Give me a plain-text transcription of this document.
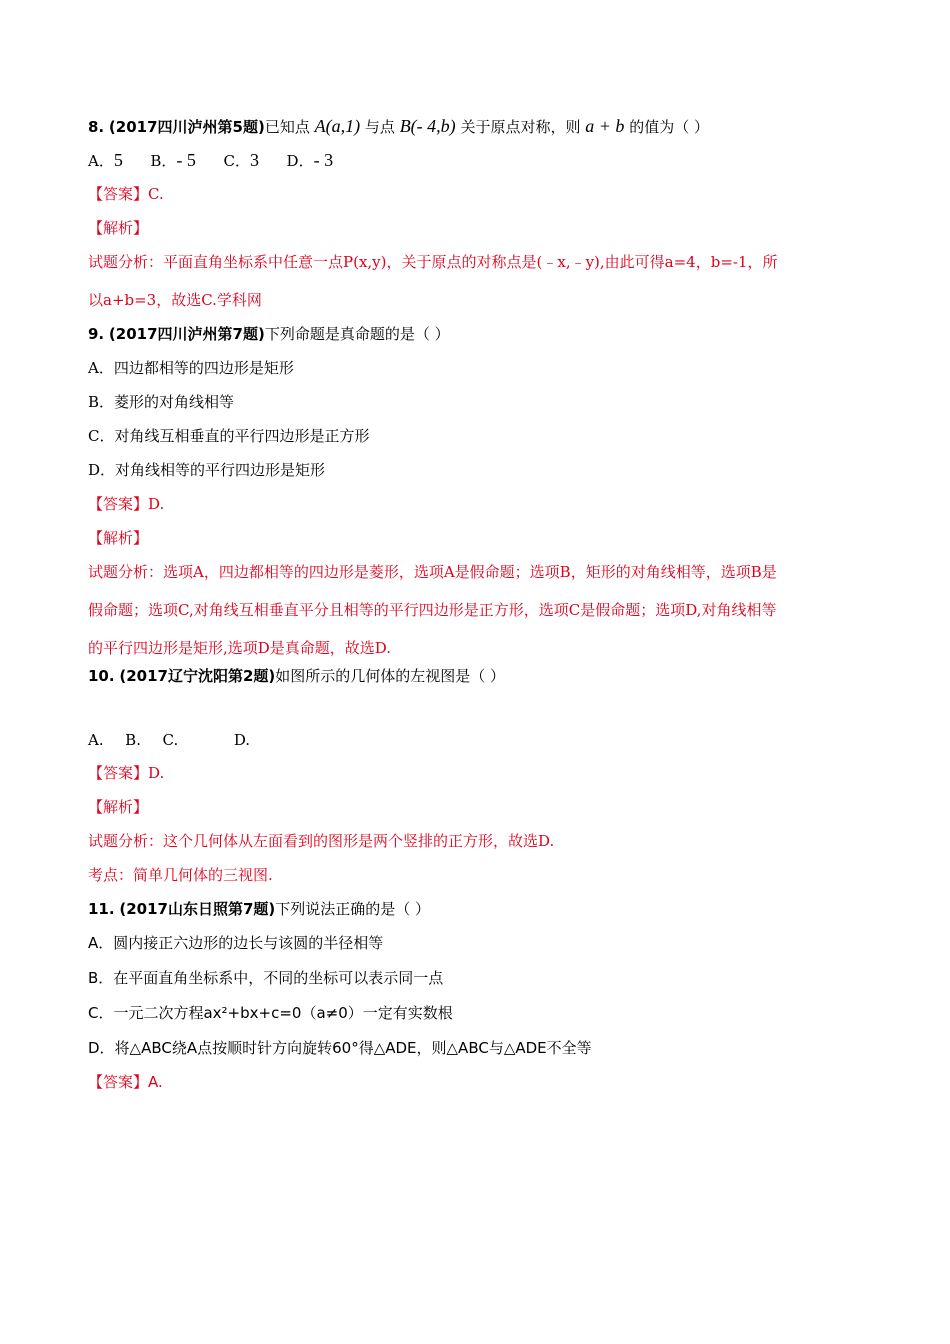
8. (2017四川泸州第5题)已知点 A(a,1) 与点 B(- 4,b) 关于原点对称，则 a + b 的值为（ ）
A．5 B．- 5 C．3 D．- 3
【答案】C.
【解析】
试题分析：平面直角坐标系中任意一点P(x,y)，关于原点的对称点是(﹣x,﹣y),由此可得a=4，b=-1，所
以a+b=3，故选C.学科网
9. (2017四川泸州第7题)下列命题是真命题的是（ ）
A．四边都相等的四边形是矩形
B．菱形的对角线相等
C．对角线互相垂直的平行四边形是正方形
D．对角线相等的平行四边形是矩形
【答案】D.
【解析】
试题分析：选项A，四边都相等的四边形是菱形，选项A是假命题；选项B，矩形的对角线相等，选项B是
假命题；选项C,对角线互相垂直平分且相等的平行四边形是正方形，选项C是假命题；选项D,对角线相等
的平行四边形是矩形,选项D是真命题，故选D.
10. (2017辽宁沈阳第2题)如图所示的几何体的左视图是（ ）
A. B. C.	D.
【答案】D.
【解析】
试题分析：这个几何体从左面看到的图形是两个竖排的正方形，故选D.
考点：简单几何体的三视图.
11. (2017山东日照第7题)下列说法正确的是（ ）
A．圆内接正六边形的边长与该圆的半径相等
B．在平面直角坐标系中，不同的坐标可以表示同一点
C．一元二次方程ax²+bx+c=0（a≠0）一定有实数根
D．将△ABC绕A点按顺时针方向旋转60°得△ADE，则△ABC与△ADE不全等
【答案】A.
